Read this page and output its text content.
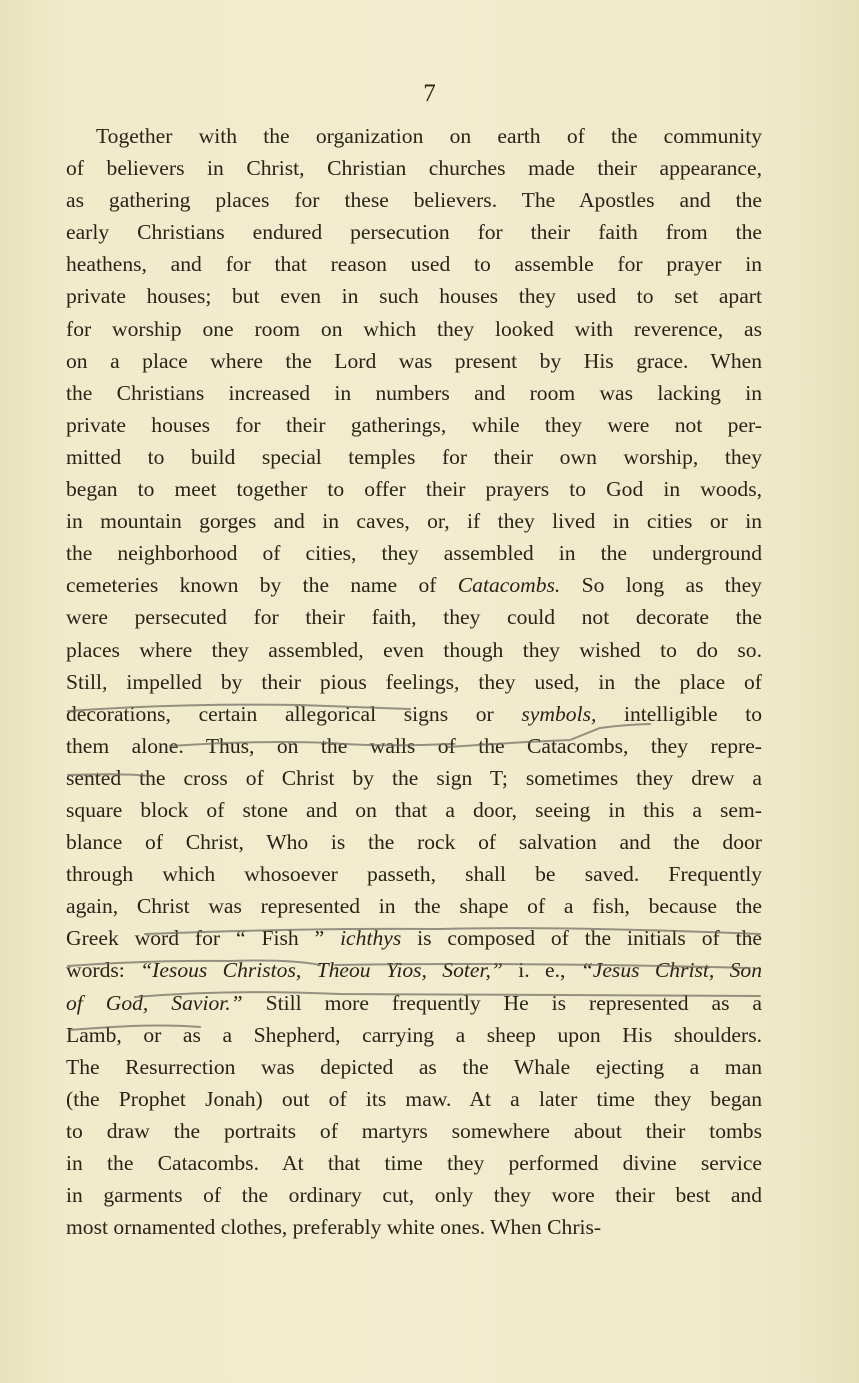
7
Together with the organization on earth of the community
of believers in Christ, Christian churches made their appearance,
as gathering places for these believers. The Apostles and the
early Christians endured persecution for their faith from the
heathens, and for that reason used to assemble for prayer in
private houses; but even in such houses they used to set apart
for worship one room on which they looked with reverence, as
on a place where the Lord was present by His grace. When
the Christians increased in numbers and room was lacking in
private houses for their gatherings, while they were not per-
mitted to build special temples for their own worship, they
began to meet together to offer their prayers to God in woods,
in mountain gorges and in caves, or, if they lived in cities or in
the neighborhood of cities, they assembled in the underground
cemeteries known by the name of Catacombs. So long as they
were persecuted for their faith, they could not decorate the
places where they assembled, even though they wished to do so.
Still, impelled by their pious feelings, they used, in the place of
decorations, certain allegorical signs or symbols, intelligible to
them alone. Thus, on the walls of the Catacombs, they repre-
sented the cross of Christ by the sign T; sometimes they drew a
square block of stone and on that a door, seeing in this a sem-
blance of Christ, Who is the rock of salvation and the door
through which whosoever passeth, shall be saved. Frequently
again, Christ was represented in the shape of a fish, because the
Greek word for “ Fish ” ichthys is composed of the initials of the
words: “Iesous Christos, Theou Yios, Soter,” i. e., “Jesus Christ, Son
of God, Savior.” Still more frequently He is represented as a
Lamb, or as a Shepherd, carrying a sheep upon His shoulders.
The Resurrection was depicted as the Whale ejecting a man
(the Prophet Jonah) out of its maw. At a later time they began
to draw the portraits of martyrs somewhere about their tombs
in the Catacombs. At that time they performed divine service
in garments of the ordinary cut, only they wore their best and
most ornamented clothes, preferably white ones. When Chris-
